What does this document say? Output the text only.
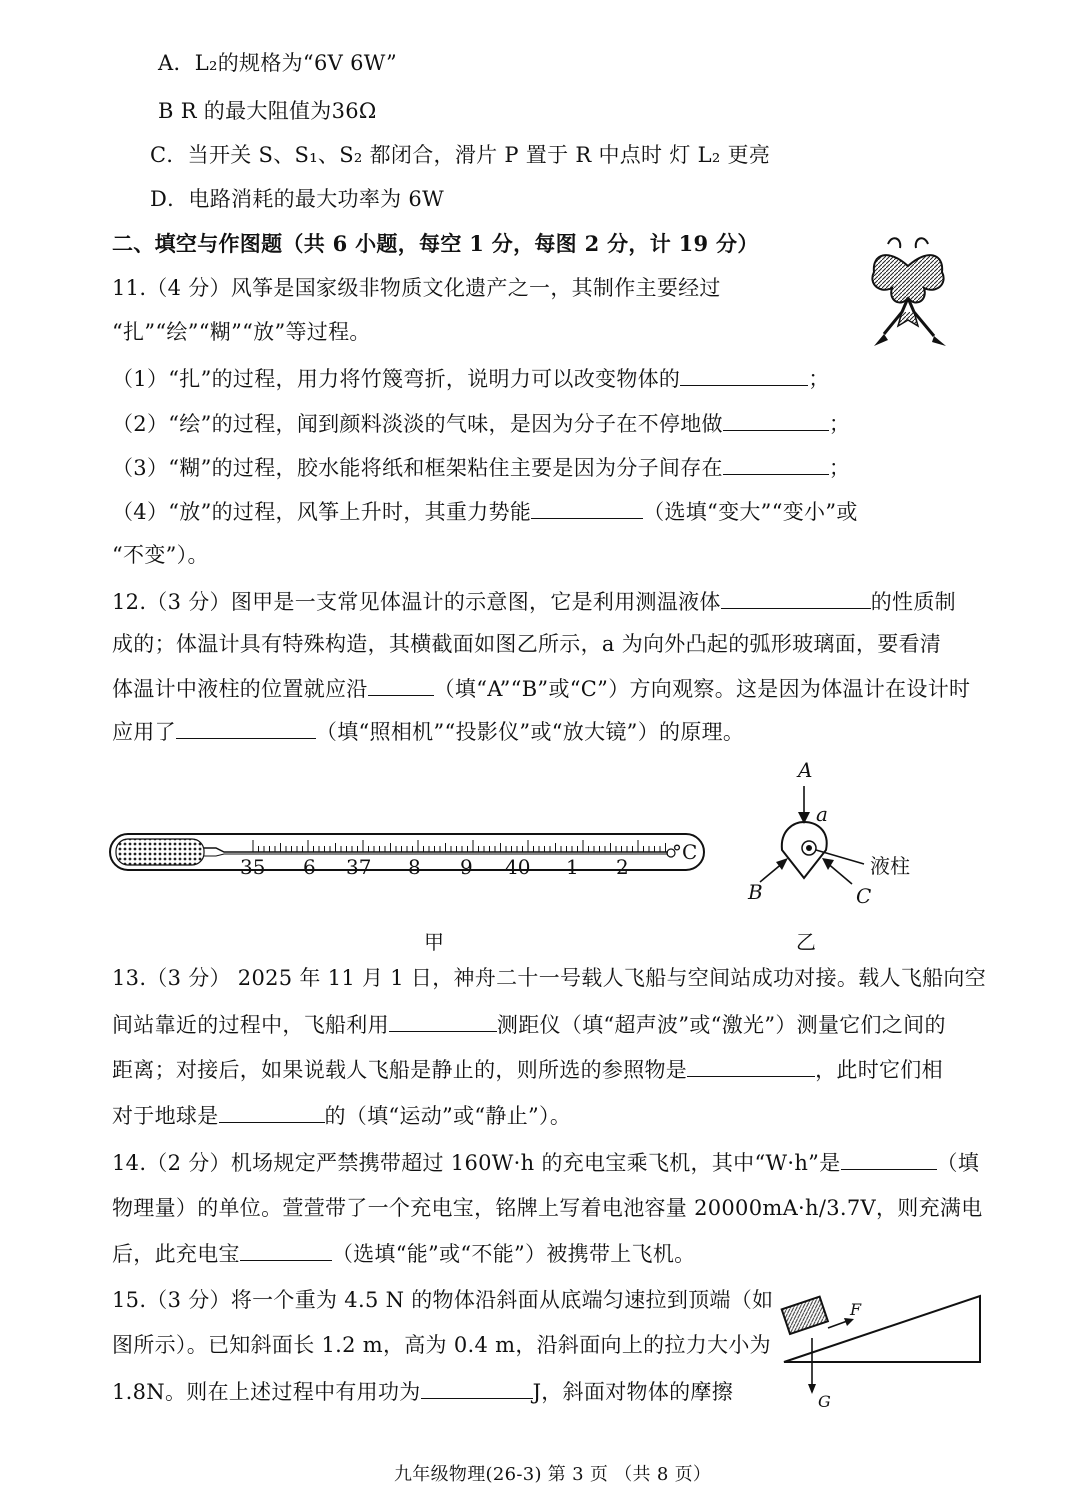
A．L₂的规格为“6V 6W”
B R 的最大阻值为36Ω
C．当开关 S、S₁、S₂ 都闭合，滑片 P 置于 R 中点时 灯 L₂ 更亮
D．电路消耗的最大功率为 6W
二、填空与作图题（共 6 小题，每空 1 分，每图 2 分，计 19 分）
11.（4 分）风筝是国家级非物质文化遗产之一，其制作主要经过
“扎”“绘”“糊”“放”等过程。
（1）“扎”的过程，用力将竹篾弯折，说明力可以改变物体的	；
（2）“绘”的过程，闻到颜料淡淡的气味，是因为分子在不停地做	；
（3）“糊”的过程，胶水能将纸和框架粘住主要是因为分子间存在	；
（4）“放”的过程，风筝上升时，其重力势能	（选填“变大”“变小”或
“不变”）。
12.（3 分）图甲是一支常见体温计的示意图，它是利用测温液体	的性质制
成的；体温计具有特殊构造，其横截面如图乙所示，a 为向外凸起的弧形玻璃面，要看清
体温计中液柱的位置就应沿	（填“A”“B”或“C”）方向观察。这是因为体温计在设计时
应用了	（填“照相机”“投影仪”或“放大镜”）的原理。
35 6 37 8 9 40 1 2
°C
甲
A
a
液柱
B	C
乙
13.（3 分） 2025 年 11 月 1 日，神舟二十一号载人飞船与空间站成功对接。载人飞船向空
间站靠近的过程中，飞船利用	测距仪（填“超声波”或“激光”）测量它们之间的
距离；对接后，如果说载人飞船是静止的，则所选的参照物是	，此时它们相
对于地球是	的（填“运动”或“静止”）。
14.（2 分）机场规定严禁携带超过 160W·h 的充电宝乘飞机，其中“W·h”是	（填
物理量）的单位。萱萱带了一个充电宝，铭牌上写着电池容量 20000mA·h/3.7V，则充满电
后，此充电宝	（选填“能”或“不能”）被携带上飞机。
15.（3 分）将一个重为 4.5 N 的物体沿斜面从底端匀速拉到顶端（如
图所示）。已知斜面长 1.2 m，高为 0.4 m，沿斜面向上的拉力大小为
1.8N。则在上述过程中有用功为	J，斜面对物体的摩擦
F
G
九年级物理(26-3) 第 3 页 （共 8 页）
